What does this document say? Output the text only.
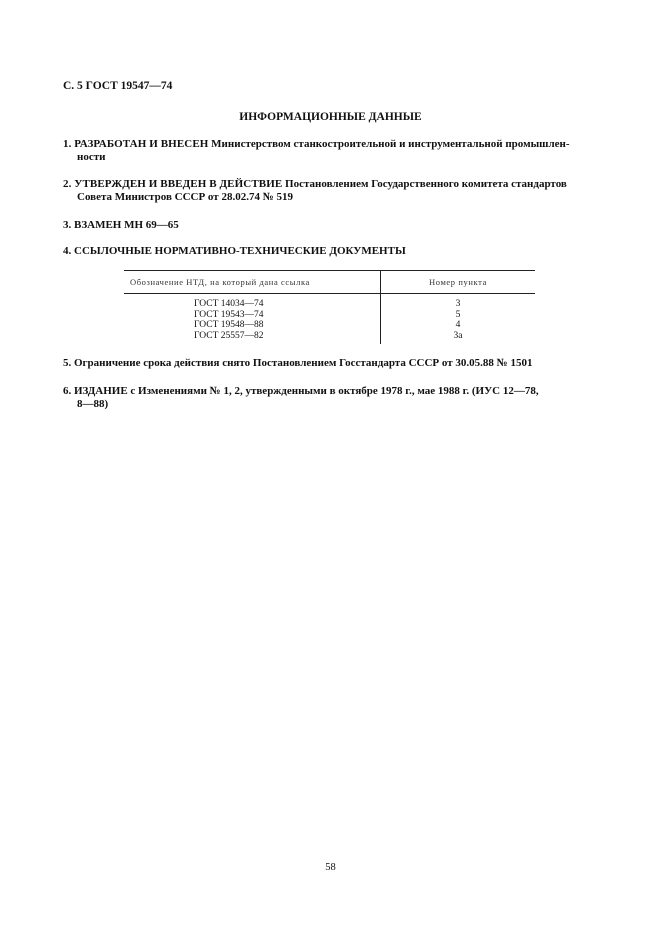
С. 5 ГОСТ 19547—74
ИНФОРМАЦИОННЫЕ ДАННЫЕ
1. РАЗРАБОТАН И ВНЕСЕН Министерством станкостроительной и инструментальной промышлен-
ности
2. УТВЕРЖДЕН И ВВЕДЕН В ДЕЙСТВИЕ Постановлением Государственного комитета стандартов
Совета Министров СССР от 28.02.74 № 519
3. ВЗАМЕН МН 69—65
4. ССЫЛОЧНЫЕ НОРМАТИВНО-ТЕХНИЧЕСКИЕ ДОКУМЕНТЫ
Обозначение НТД, на который дана ссылка	Номер пункта
ГОСТ 14034—74
ГОСТ 19543—74
ГОСТ 19548—88
ГОСТ 25557—82
3
5
4
3а
5. Ограничение срока действия снято Постановлением Госстандарта СССР от 30.05.88 № 1501
6. ИЗДАНИЕ с Изменениями № 1, 2, утвержденными в октябре 1978 г., мае 1988 г. (ИУС 12—78,
8—88)
58
